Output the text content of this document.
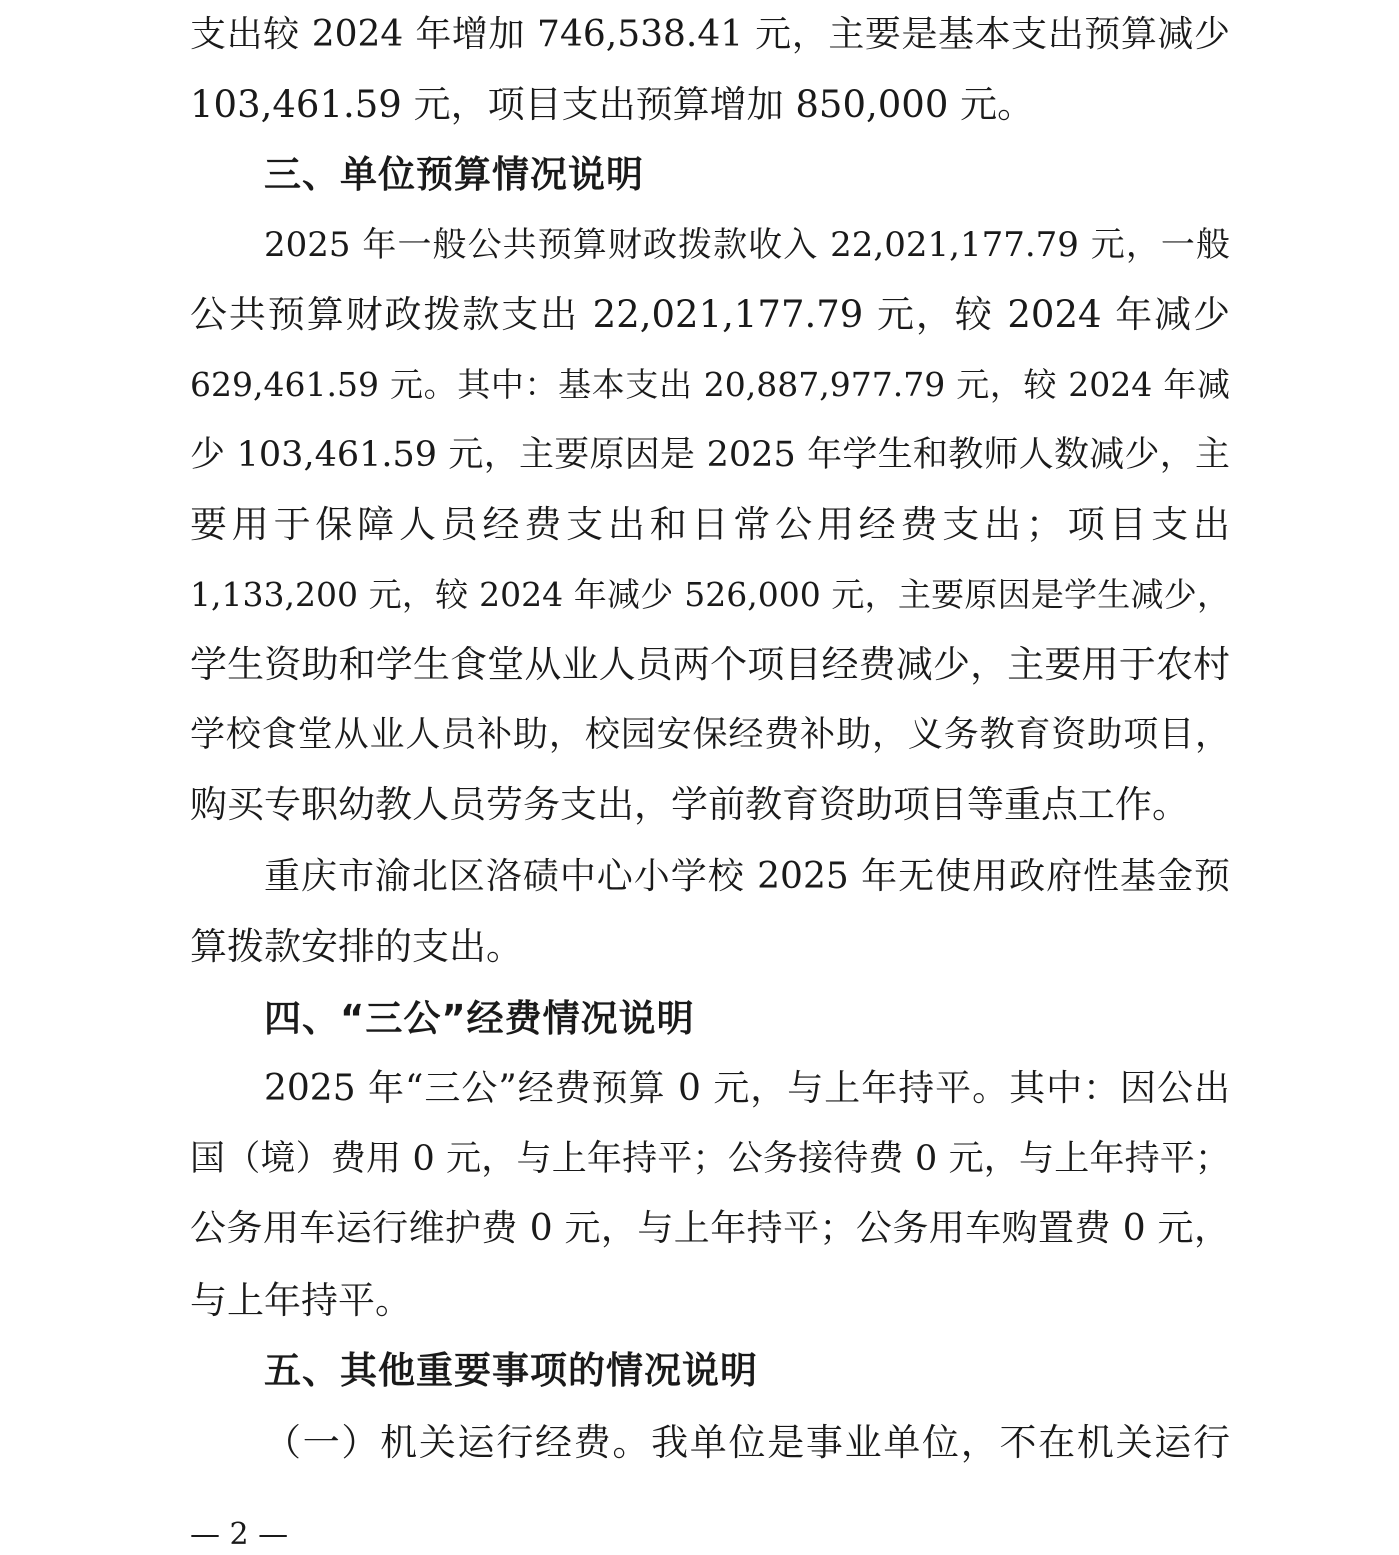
支出较 2024 年增加 746,538.41 元，主要是基本支出预算减少
103,461.59 元，项目支出预算增加 850,000 元。
三、单位预算情况说明
2025 年一般公共预算财政拨款收入 22,021,177.79 元，一般
公共预算财政拨款支出 22,021,177.79 元，较 2024 年减少
629,461.59 元。其中：基本支出 20,887,977.79 元，较 2024 年减
少 103,461.59 元，主要原因是 2025 年学生和教师人数减少，主
要用于保障人员经费支出和日常公用经费支出；项目支出
1,133,200 元，较 2024 年减少 526,000 元，主要原因是学生减少，
学生资助和学生食堂从业人员两个项目经费减少，主要用于农村
学校食堂从业人员补助，校园安保经费补助，义务教育资助项目，
购买专职幼教人员劳务支出，学前教育资助项目等重点工作。
重庆市渝北区洛碛中心小学校 2025 年无使用政府性基金预
算拨款安排的支出。
四、“三公”经费情况说明
2025 年“三公”经费预算 0 元，与上年持平。其中：因公出
国（境）费用 0 元，与上年持平；公务接待费 0 元，与上年持平；
公务用车运行维护费 0 元，与上年持平；公务用车购置费 0 元，
与上年持平。
五、其他重要事项的情况说明
（一）机关运行经费。我单位是事业单位，不在机关运行
— 2 —
